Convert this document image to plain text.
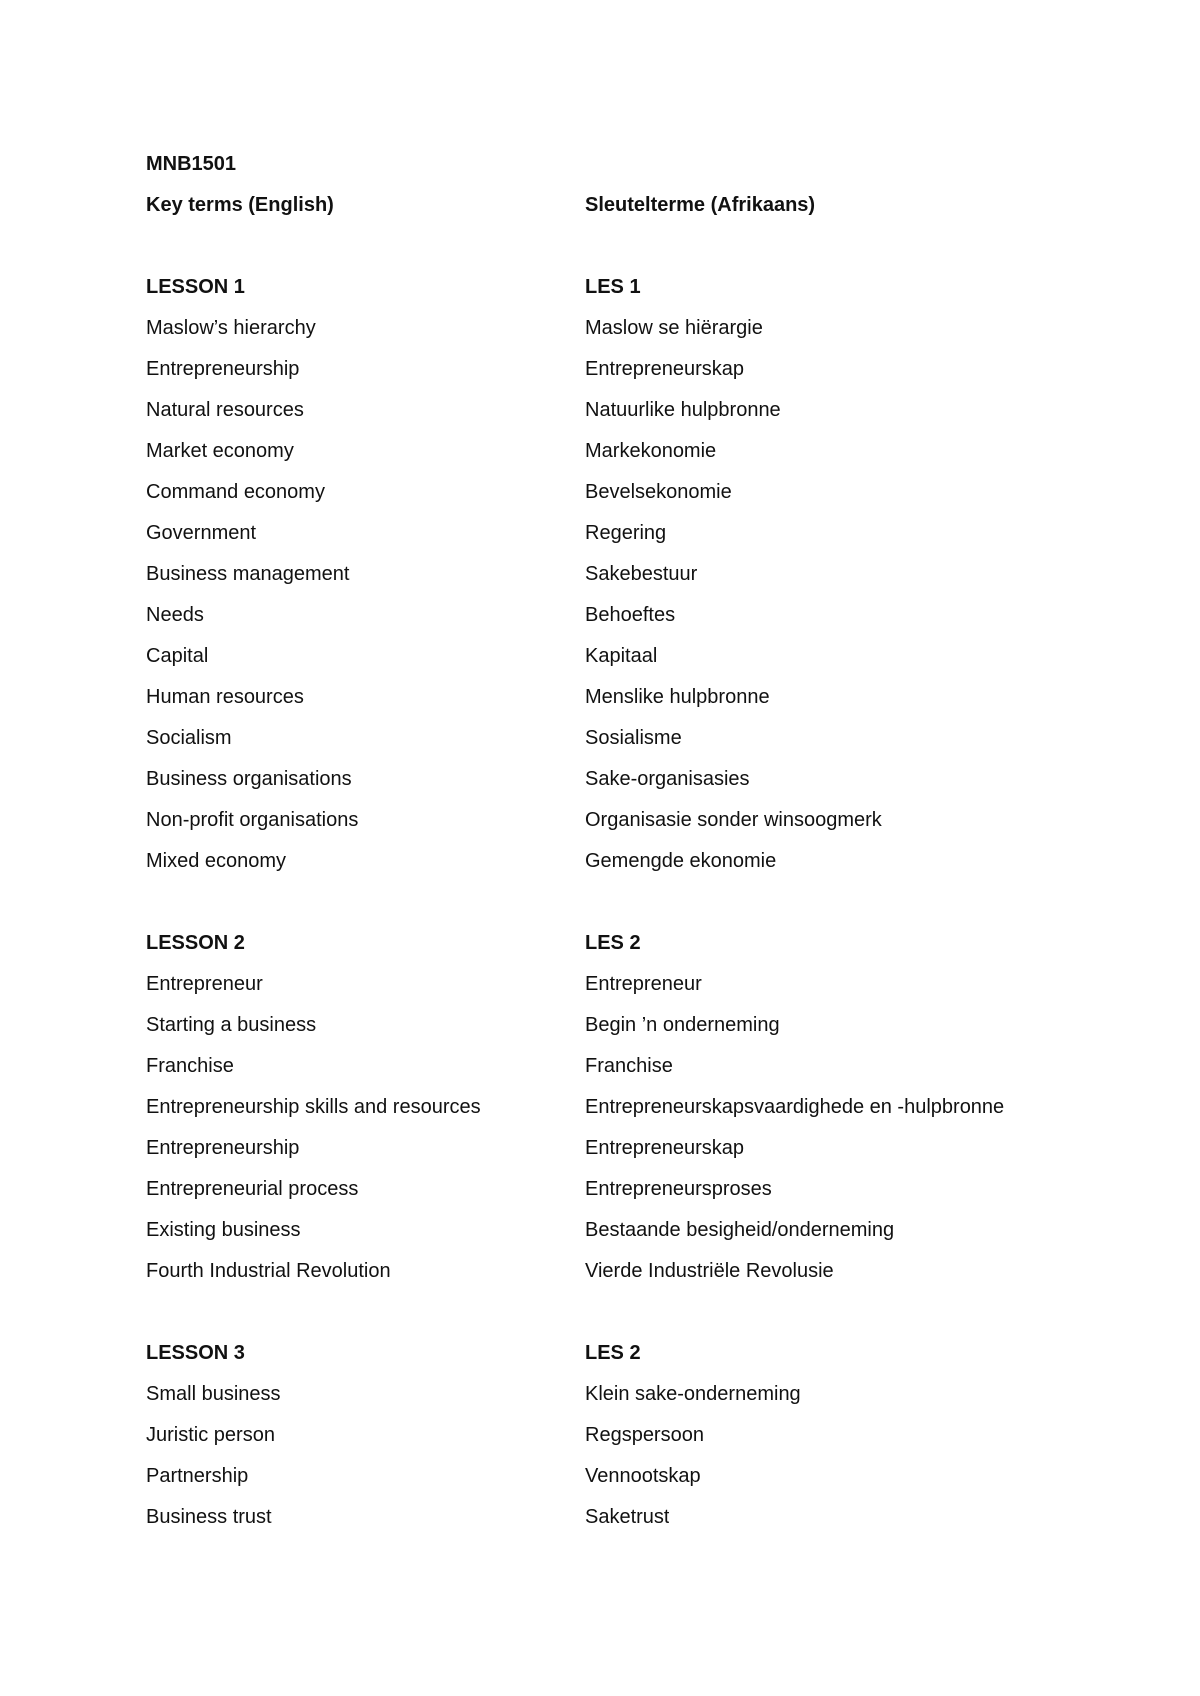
MNB1501
Key terms (English)	Sleutelterme (Afrikaans)
LESSON 1	LES 1
Maslow’s hierarchy	Maslow se hiërargie
Entrepreneurship	Entrepreneurskap
Natural resources	Natuurlike hulpbronne
Market economy	Markekonomie
Command economy	Bevelsekonomie
Government	Regering
Business management	Sakebestuur
Needs	Behoeftes
Capital	Kapitaal
Human resources	Menslike hulpbronne
Socialism	Sosialisme
Business organisations	Sake-organisasies
Non-profit organisations	Organisasie sonder winsoogmerk
Mixed economy	Gemengde ekonomie
LESSON 2	LES 2
Entrepreneur	Entrepreneur
Starting a business	Begin ’n onderneming
Franchise	Franchise
Entrepreneurship skills and resources	Entrepreneurskapsvaardighede en -hulpbronne
Entrepreneurship	Entrepreneurskap
Entrepreneurial process	Entrepreneursproses
Existing business	Bestaande besigheid/onderneming
Fourth Industrial Revolution	Vierde Industriële Revolusie
LESSON 3	LES 2
Small business	Klein sake-onderneming
Juristic person	Regspersoon
Partnership	Vennootskap
Business trust	Saketrust
